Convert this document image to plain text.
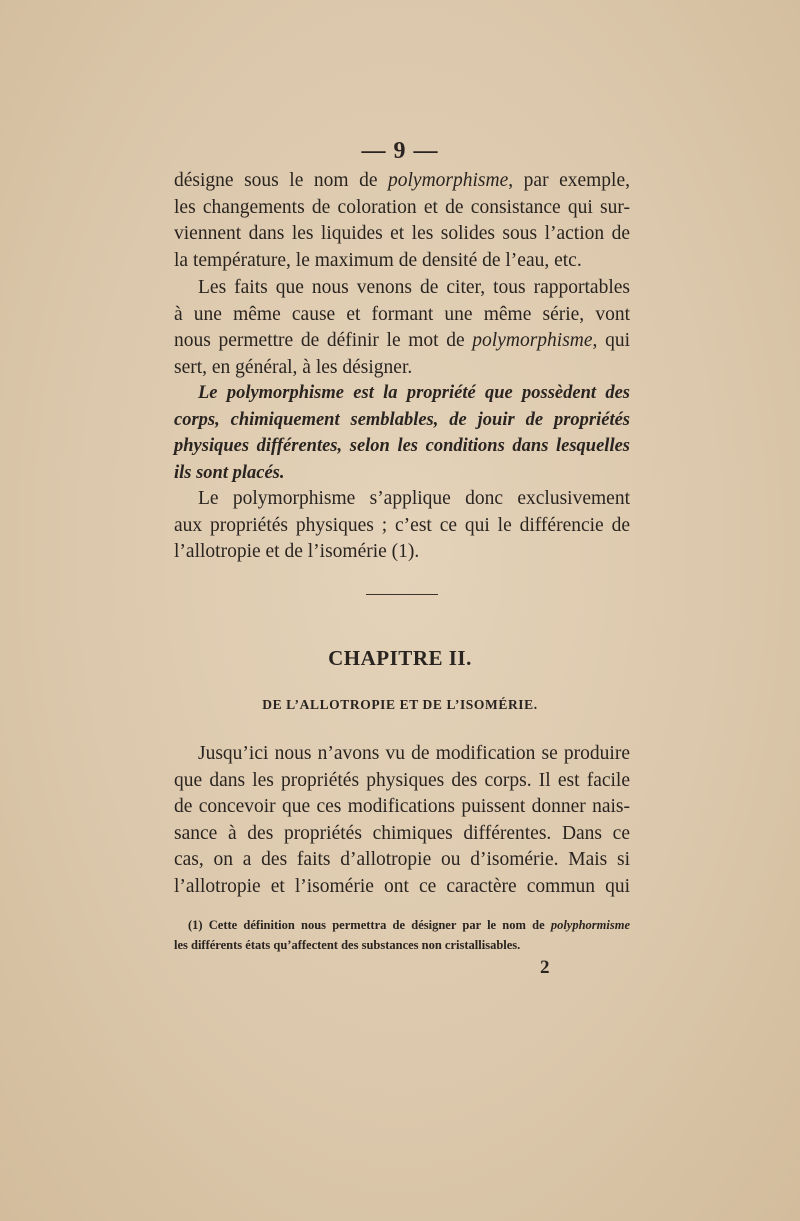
— 9 —
désigne sous le nom de polymorphisme, par exemple,
les changements de coloration et de consistance qui sur-
viennent dans les liquides et les solides sous l’action de
la température, le maximum de densité de l’eau, etc.
Les faits que nous venons de citer, tous rapportables
à une même cause et formant une même série, vont
nous permettre de définir le mot de polymorphisme, qui
sert, en général, à les désigner.
Le polymorphisme est la propriété que possèdent des
corps, chimiquement semblables, de jouir de propriétés
physiques différentes, selon les conditions dans lesquelles
ils sont placés.
Le polymorphisme s’applique donc exclusivement
aux propriétés physiques ; c’est ce qui le différencie de
l’allotropie et de l’isomérie (1).
CHAPITRE II.
DE L’ALLOTROPIE ET DE L’ISOMÉRIE.
Jusqu’ici nous n’avons vu de modification se produire
que dans les propriétés physiques des corps. Il est facile
de concevoir que ces modifications puissent donner nais-
sance à des propriétés chimiques différentes. Dans ce
cas, on a des faits d’allotropie ou d’isomérie. Mais si
l’allotropie et l’isomérie ont ce caractère commun qui
(1) Cette définition nous permettra de désigner par le nom de polyphormisme
les différents états qu’affectent des substances non cristallisables.
2
